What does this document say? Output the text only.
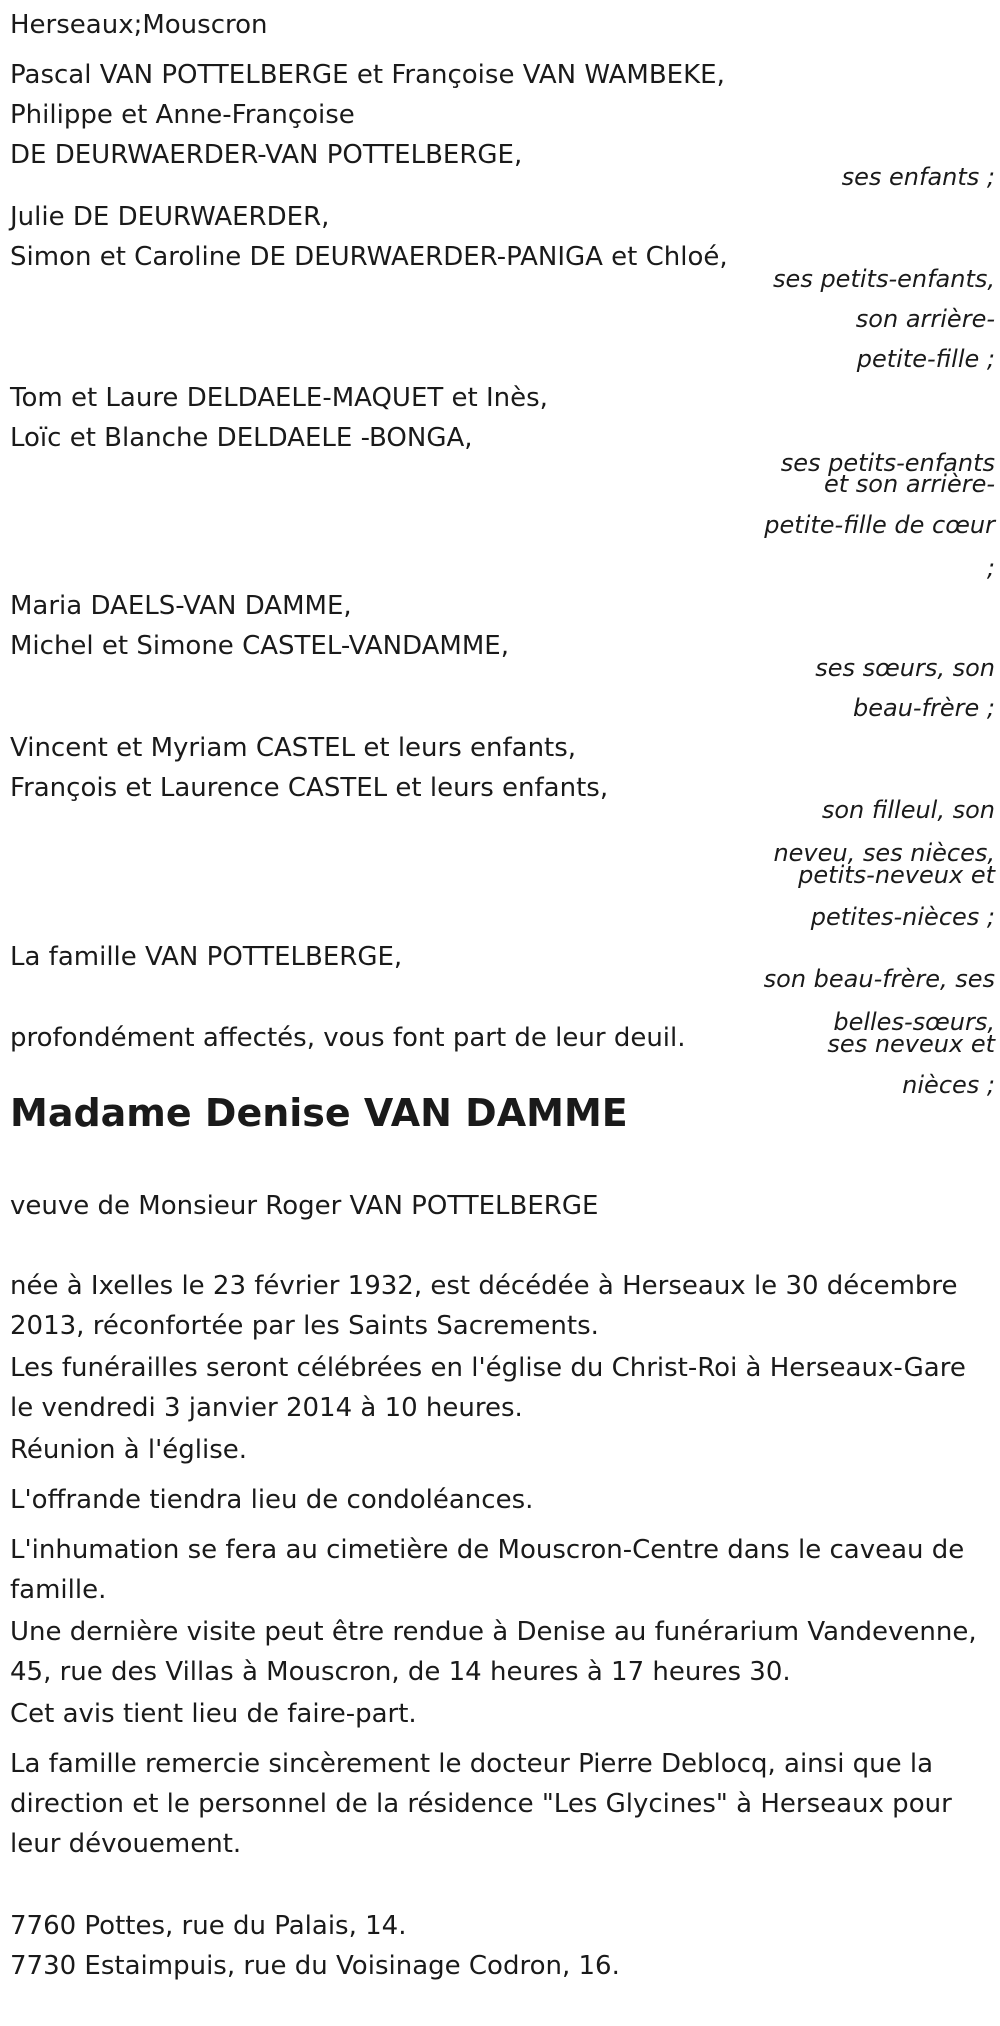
Herseaux;Mouscron
Pascal VAN POTTELBERGE et Françoise VAN WAMBEKE,
Philippe et Anne-Françoise
DE DEURWAERDER-VAN POTTELBERGE,
ses enfants ;
Julie DE DEURWAERDER,
Simon et Caroline DE DEURWAERDER-PANIGA et Chloé,
ses petits-enfants,
son arrière-
petite-fille ;
Tom et Laure DELDAELE-MAQUET et Inès,
Loïc et Blanche DELDAELE -BONGA,
ses petits-enfants
et son arrière-
petite-fille de cœur
;
Maria DAELS-VAN DAMME,
Michel et Simone CASTEL-VANDAMME,
ses sœurs, son
beau-frère ;
Vincent et Myriam CASTEL et leurs enfants,
François et Laurence CASTEL et leurs enfants,
son filleul, son
neveu, ses nièces,
petits-neveux et
petites-nièces ;
La famille VAN POTTELBERGE,
son beau-frère, ses
belles-sœurs,
ses neveux et
nièces ;
profondément affectés, vous font part de leur deuil.
Madame Denise VAN DAMME
veuve de Monsieur Roger VAN POTTELBERGE
née à Ixelles le 23 février 1932, est décédée à Herseaux le 30 décembre 2013, réconfortée par les Saints Sacrements.
Les funérailles seront célébrées en l'église du Christ-Roi à Herseaux-Gare le vendredi 3 janvier 2014 à 10 heures.
Réunion à l'église.
L'offrande tiendra lieu de condoléances.
L'inhumation se fera au cimetière de Mouscron-Centre dans le caveau de famille.
Une dernière visite peut être rendue à Denise au funérarium Vandevenne, 45, rue des Villas à Mouscron, de 14 heures à 17 heures 30.
Cet avis tient lieu de faire-part.
La famille remercie sincèrement le docteur Pierre Deblocq, ainsi que la direction et le personnel de la résidence "Les Glycines" à Herseaux pour leur dévouement.
7760 Pottes, rue du Palais, 14.
7730 Estaimpuis, rue du Voisinage Codron, 16.
